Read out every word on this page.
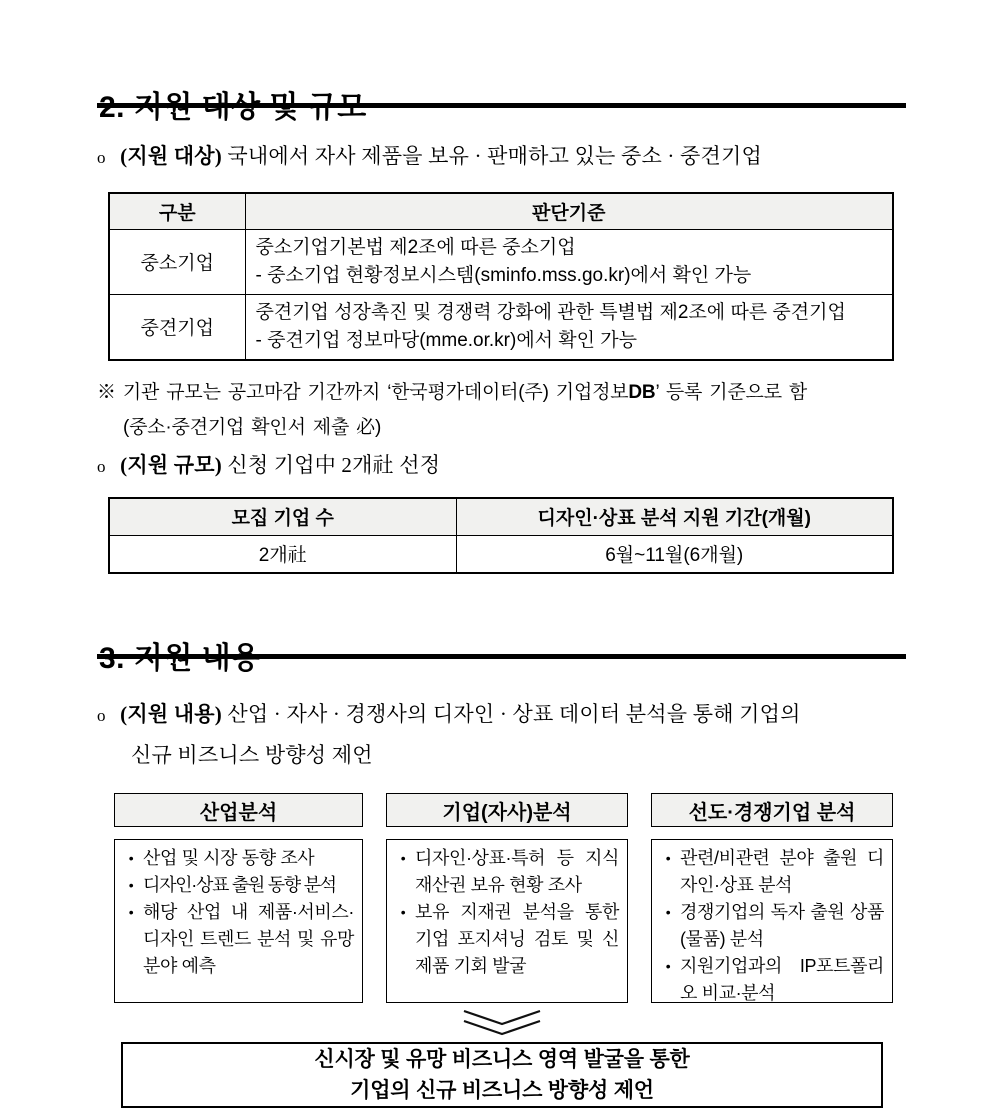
o (지원 대상) 국내에서 자사 제품을 보유 · 판매하고 있는 중소 · 중견기업

구분	판단기준
중소기업	중소기업기본법 제2조에 따른 중소기업
- 중소기업 현황정보시스템(sminfo.mss.go.kr)에서 확인 가능

중견기업	중견기업 성장촉진 및 경쟁력 강화에 관한 특별법 제2조에 따른 중견기업
- 중견기업 정보마당(mme.or.kr)에서 확인 가능

※ 기관 규모는 공고마감 기간까지 ‘한국평가데이터(주) 기업정보DB’ 등록 기준으로 함

(중소·중견기업 확인서 제출 必)

o (지원 규모) 신청 기업中 2개社 선정

모집 기업 수	디자인·상표 분석 지원 기간(개월)
2개社	6월~11월(6개월)

o (지원 내용) 산업 · 자사 · 경쟁사의 디자인 · 상표 데이터 분석을 통해 기업의

신규 비즈니스 방향성 제언

산업분석	기업(자사)분석	선도·경쟁기업 분석
• 산업 및 시장 동향 조사
• 디자인·상표 출원 동향 분석
• 해당 산업 내 제품·서비스·디자인 트렌드 분석 및 유망 분야 예측
• 디자인·상표·특허 등 지식재산권 보유 현황 조사
• 보유 지재권 분석을 통한 기업 포지셔닝 검토 및 신제품 기회 발굴
• 관련/비관련 분야 출원 디자인·상표 분석
• 경쟁기업의 독자 출원 상품(물품) 분석
• 지원기업과의 IP포트폴리오 비교·분석
신시장 및 유망 비즈니스 영역 발굴을 통한
기업의 신규 비즈니스 방향성 제언
